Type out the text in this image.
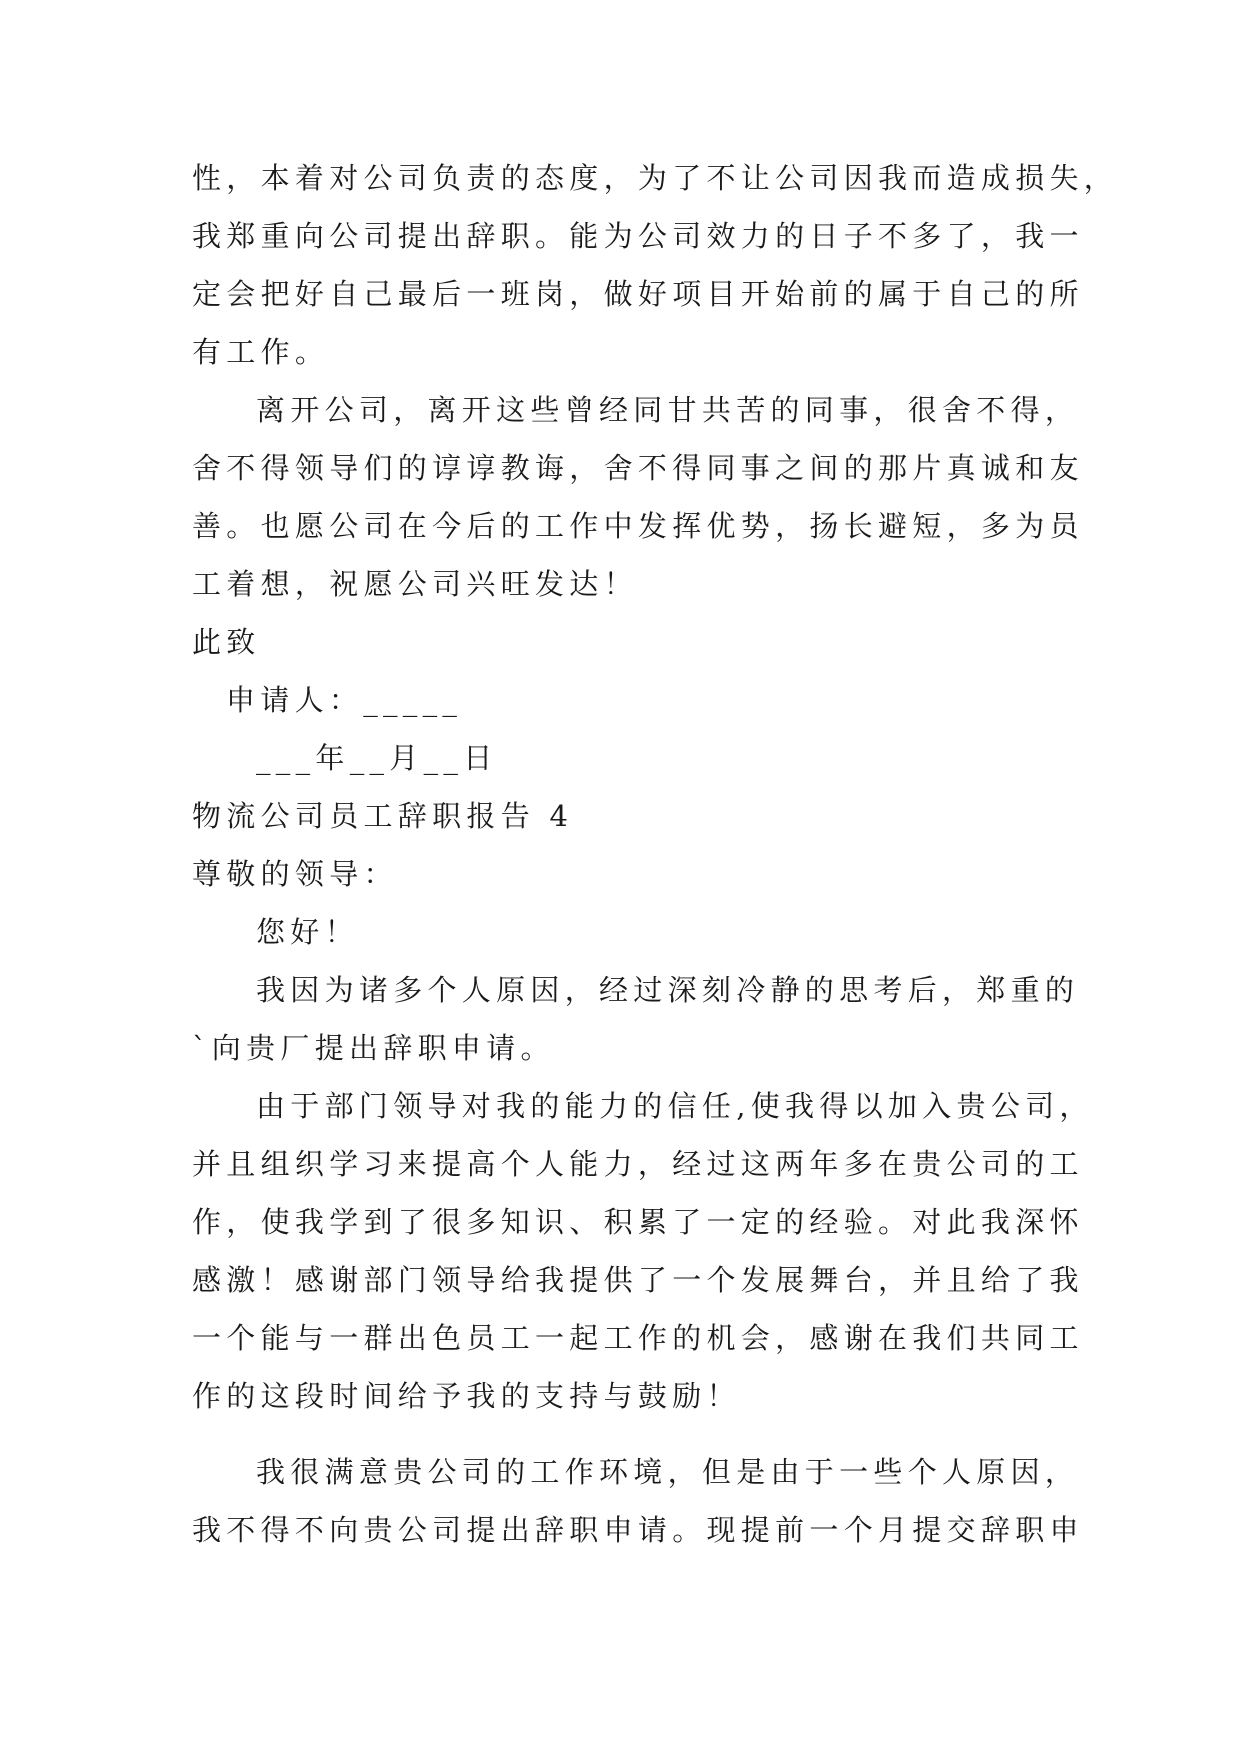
性，本着对公司负责的态度，为了不让公司因我而造成损失，
我郑重向公司提出辞职。能为公司效力的日子不多了，我一
定会把好自己最后一班岗，做好项目开始前的属于自己的所
有工作。
离开公司，离开这些曾经同甘共苦的同事，很舍不得，
舍不得领导们的谆谆教诲，舍不得同事之间的那片真诚和友
善。也愿公司在今后的工作中发挥优势，扬长避短，多为员
工着想，祝愿公司兴旺发达！
此致
申请人：_____
___年__月__日
物流公司员工辞职报告 4
尊敬的领导：
您好！
我因为诸多个人原因，经过深刻冷静的思考后，郑重的
`向贵厂提出辞职申请。
由于部门领导对我的能力的信任,使我得以加入贵公司，
并且组织学习来提高个人能力，经过这两年多在贵公司的工
作，使我学到了很多知识、积累了一定的经验。对此我深怀
感激！感谢部门领导给我提供了一个发展舞台，并且给了我
一个能与一群出色员工一起工作的机会，感谢在我们共同工
作的这段时间给予我的支持与鼓励！
我很满意贵公司的工作环境，但是由于一些个人原因，
我不得不向贵公司提出辞职申请。现提前一个月提交辞职申
